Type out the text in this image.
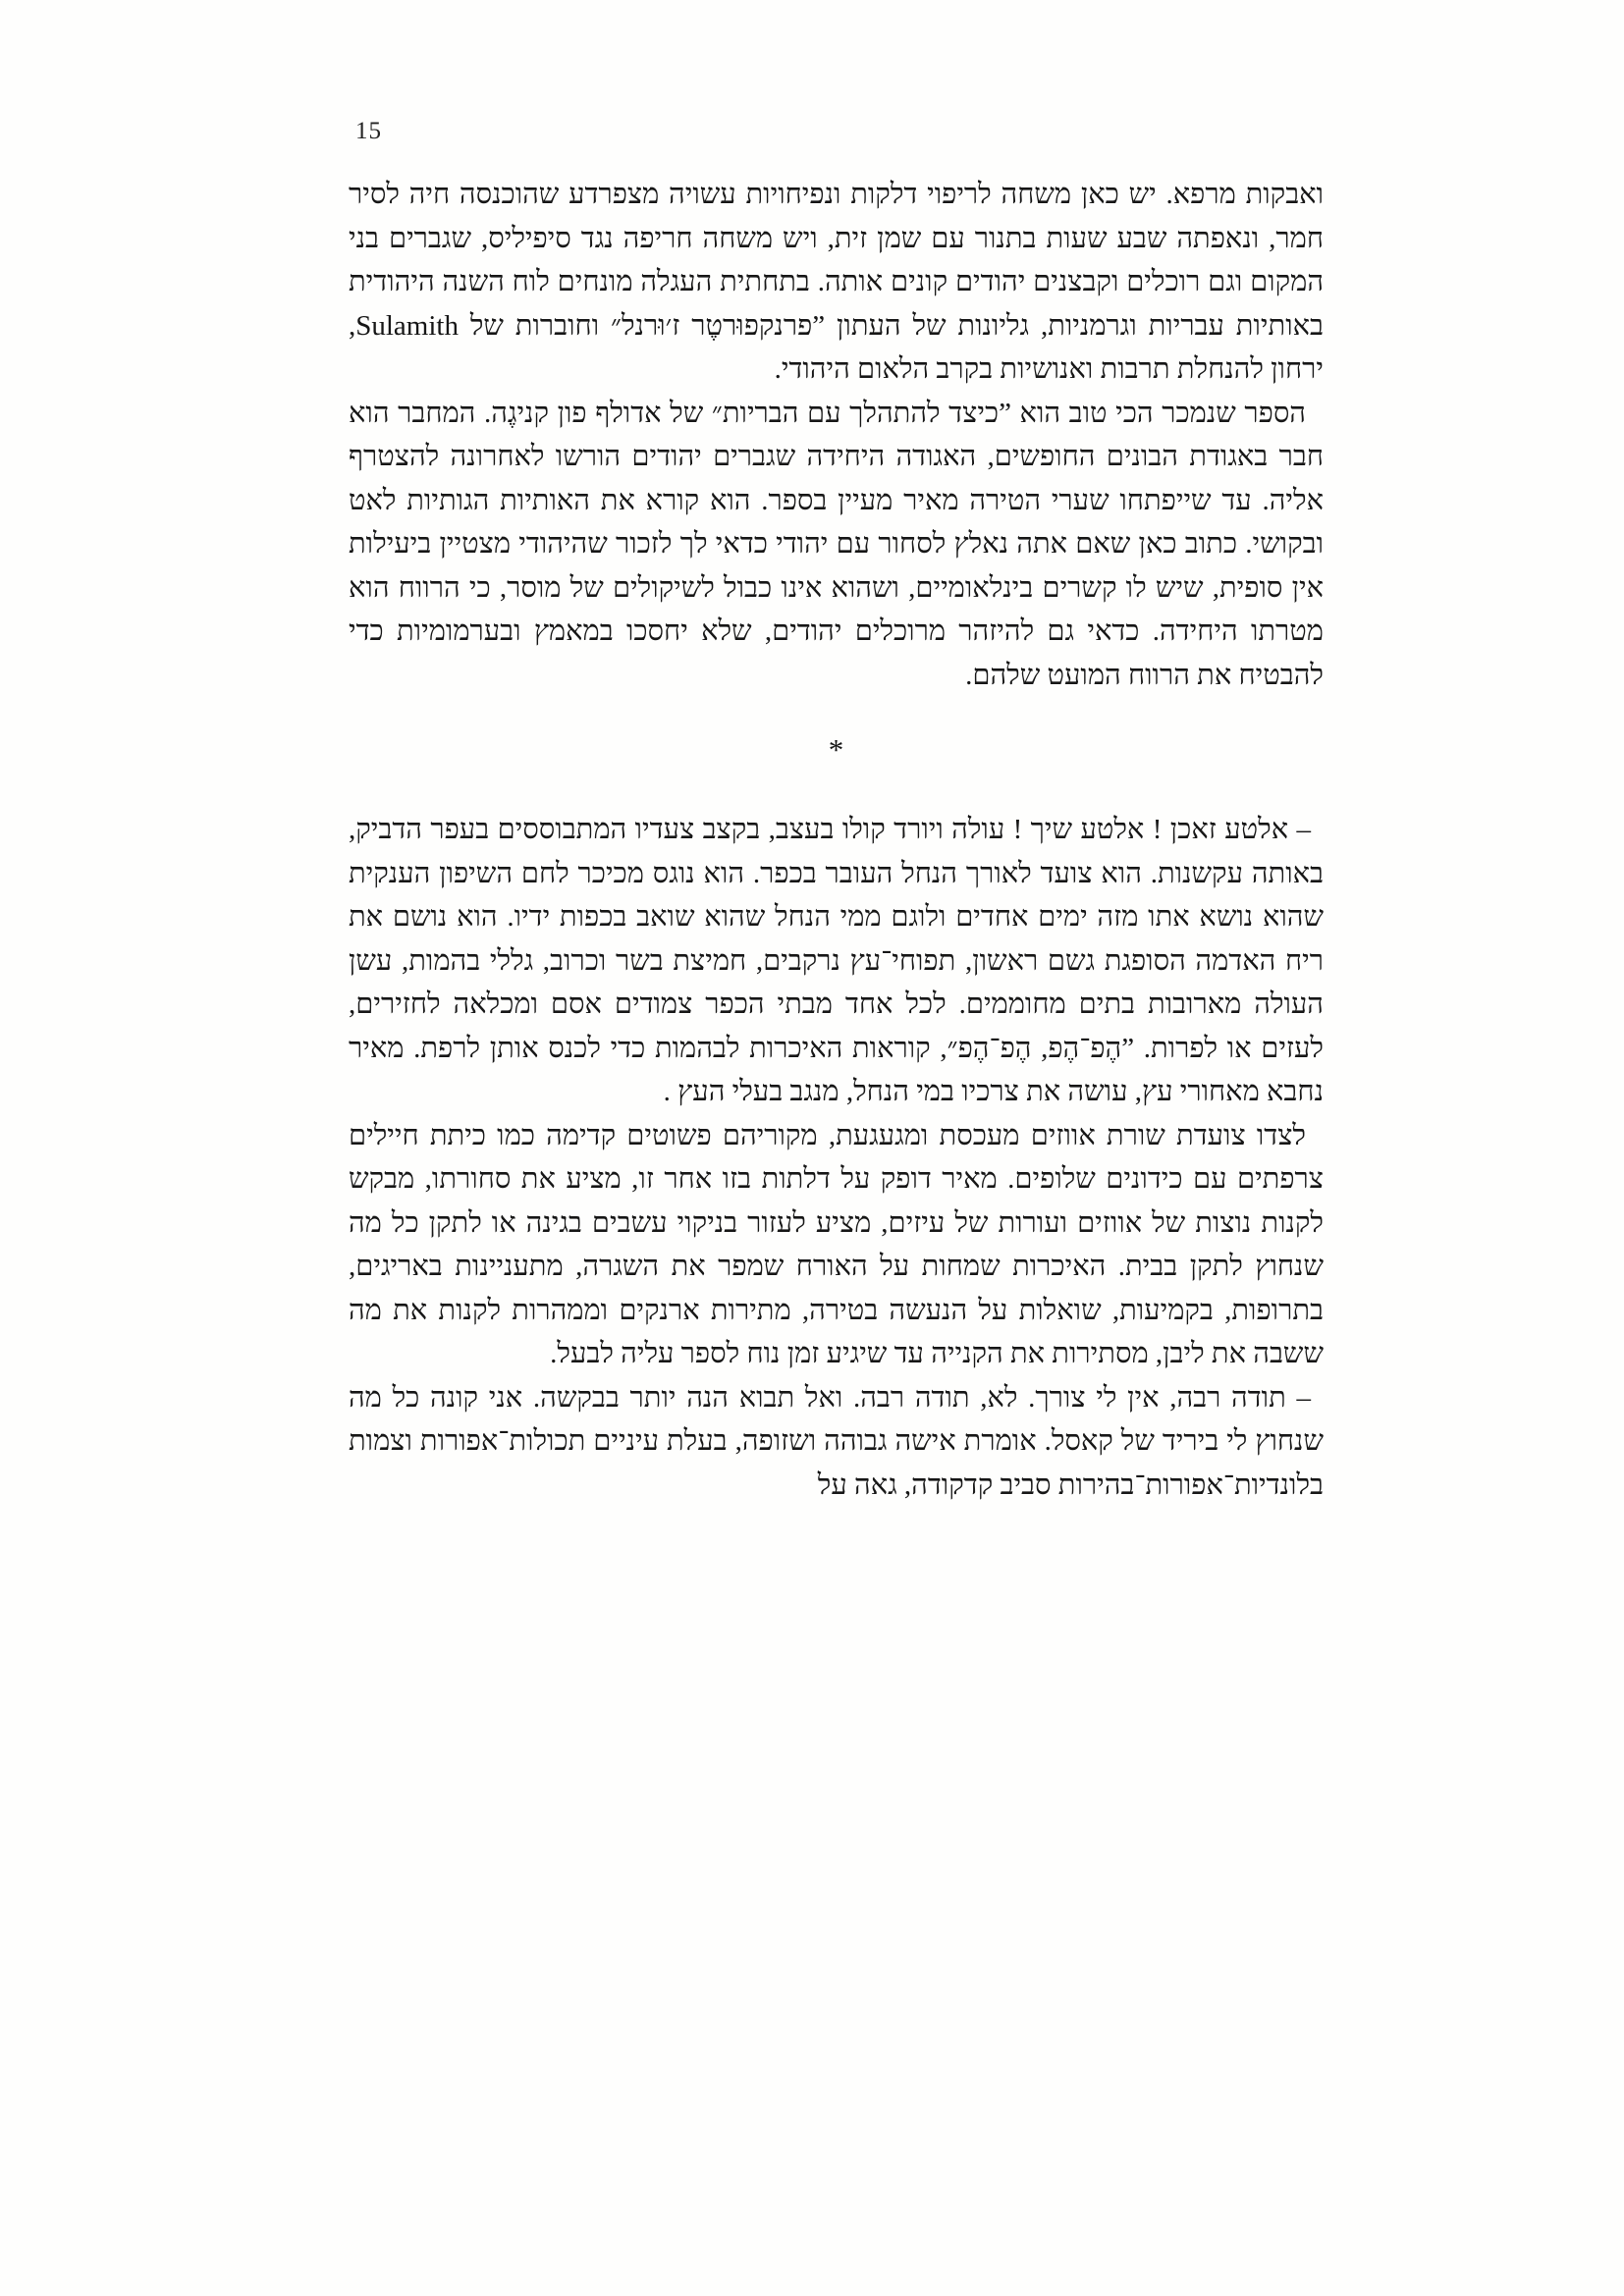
15

ואבקות מרפא. יש כאן משחה לריפוי דלקות ונפיחויות עשויה מצפרדע שהוכנסה חיה לסיר חמר, ונאפתה שבע שעות בתנור עם שמן זית, ויש משחה חריפה נגד סיפיליס, שגברים בני המקום וגם רוכלים וקבצנים יהודים קונים אותה. בתחתית העגלה מונחים לוח השנה היהודית באותיות עבריות וגרמניות, גליונות של העתון ”פרנקפוּרטֶר ז׳וּרנל״ וחוברות של Sulamith, ירחון להנחלת תרבות ואנושיות בקרב הלאום היהודי.

הספר שנמכר הכי טוב הוא ”כיצד להתהלך עם הבריות״ של אדולף פון קניגֶה. המחבר הוא חבר באגודת הבונים החופשים, האגודה היחידה שגברים יהודים הורשו לאחרונה להצטרף אליה. עד שייפתחו שערי הטירה מאיר מעיין בספר. הוא קורא את האותיות הגותיות לאט ובקושי. כתוב כאן שאם אתה נאלץ לסחור עם יהודי כדאי לך לזכור שהיהודי מצטיין ביעילות אין סופית, שיש לו קשרים בינלאומיים, ושהוא אינו כבול לשיקולים של מוסר, כי הרווח הוא מטרתו היחידה. כדאי גם להיזהר מרוכלים יהודים, שלא יחסכו במאמץ ובערמומיות כדי להבטיח את הרווח המועט שלהם.

*

– אלטע זאכן ! אלטע שיך ! עולה ויורד קולו בעצב, בקצב צעדיו המתבוססים בעפר הדביק, באותה עקשנות. הוא צועד לאורך הנחל העובר בכפר. הוא נוגס מכיכר לחם השיפון הענקית שהוא נושא אתו מזה ימים אחדים ולוגם ממי הנחל שהוא שואב בכפות ידיו. הוא נושם את ריח האדמה הסופגת גשם ראשון, תפוחי־עץ נרקבים, חמיצת בשר וכרוב, גללי בהמות, עשן העולה מארובות בתים מחוממים. לכל אחד מבתי הכפר צמודים אסם ומכלאה לחזירים, לעזים או לפרות. ”הֶפ־הֶפ, הֶפ־הֶפ״, קוראות האיכרות לבהמות כדי לכנס אותן לרפת. מאיר נחבא מאחורי עץ, עושה את צרכיו במי הנחל, מנגב בעלי העץ .

לצדו צועדת שורת אווזים מעכסת ומגעגעת, מקוריהם פשוטים קדימה כמו כיתת חיילים צרפתים עם כידונים שלופים. מאיר דופק על דלתות בזו אחר זו, מציע את סחורתו, מבקש לקנות נוצות של אווזים ועורות של עיזים, מציע לעזור בניקוי עשבים בגינה או לתקן כל מה שנחוץ לתקן בבית. האיכרות שמחות על האורח שמפר את השגרה, מתעניינות באריגים, בתרופות, בקמיעות, שואלות על הנעשה בטירה, מתירות ארנקים וממהרות לקנות את מה ששבה את ליבן, מסתירות את הקנייה עד שיגיע זמן נוח לספר עליה לבעל.

– תודה רבה, אין לי צורך. לא, תודה רבה. ואל תבוא הנה יותר בבקשה. אני קונה כל מה שנחוץ לי ביריד של קאסל. אומרת אישה גבוהה ושזופה, בעלת עיניים תכולות־אפורות וצמות בלונדיות־אפורות־בהירות סביב קדקודה, גאה על
